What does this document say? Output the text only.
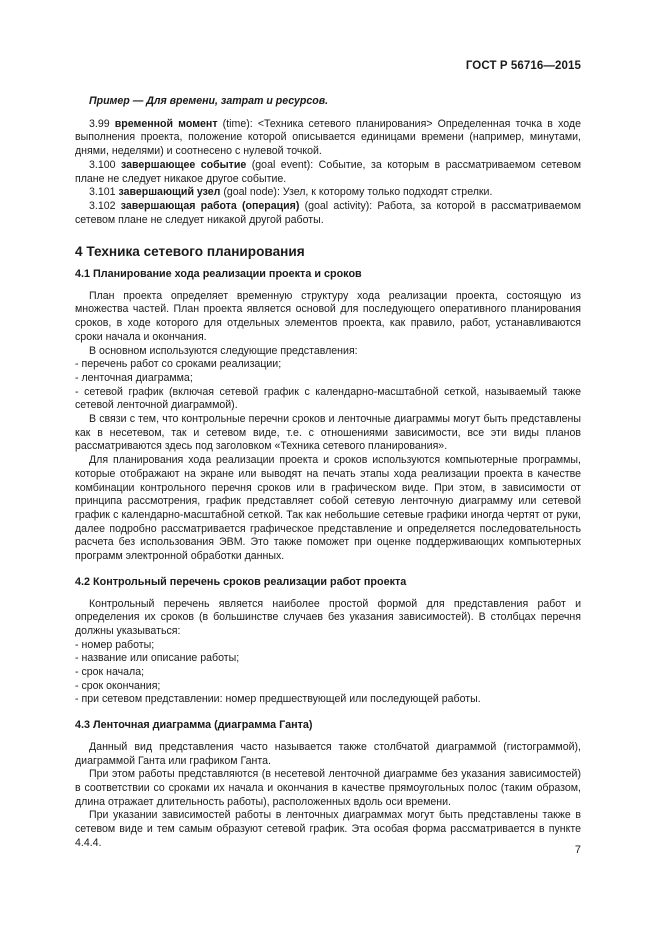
ГОСТ Р 56716—2015

Пример — Для времени, затрат и ресурсов.

3.99 временной момент (time): <Техника сетевого планирования> Определенная точка в ходе выполнения проекта, положение которой описывается единицами времени (например, минутами, днями, неделями) и соотнесено с нулевой точкой.

3.100 завершающее событие (goal event): Событие, за которым в рассматриваемом сетевом плане не следует никакое другое событие.

3.101 завершающий узел (goal node): Узел, к которому только подходят стрелки.

3.102 завершающая работа (операция) (goal activity): Работа, за которой в рассматриваемом сетевом плане не следует никакой другой работы.

4 Техника сетевого планирования
4.1 Планирование хода реализации проекта и сроков

План проекта определяет временную структуру хода реализации проекта, состоящую из множества частей. План проекта является основой для последующего оперативного планирования сроков, в ходе которого для отдельных элементов проекта, как правило, работ, устанавливаются сроки начала и окончания.

В основном используются следующие представления:

- перечень работ со сроками реализации;

- ленточная диаграмма;

- сетевой график (включая сетевой график с календарно-масштабной сеткой, называемый также сетевой ленточной диаграммой).

В связи с тем, что контрольные перечни сроков и ленточные диаграммы могут быть представлены как в несетевом, так и сетевом виде, т.е. с отношениями зависимости, все эти виды планов рассматриваются здесь под заголовком «Техника сетевого планирования».

Для планирования хода реализации проекта и сроков используются компьютерные программы, которые отображают на экране или выводят на печать этапы хода реализации проекта в качестве комбинации контрольного перечня сроков или в графическом виде. При этом, в зависимости от принципа рассмотрения, график представляет собой сетевую ленточную диаграмму или сетевой график с календарно-масштабной сеткой. Так как небольшие сетевые графики иногда чертят от руки, далее подробно рассматривается графическое представление и определяется последовательность расчета без использования ЭВМ. Это также поможет при оценке поддерживающих компьютерных программ электронной обработки данных.

4.2 Контрольный перечень сроков реализации работ проекта

Контрольный перечень является наиболее простой формой для представления работ и определения их сроков (в большинстве случаев без указания зависимостей). В столбцах перечня должны указываться:

- номер работы;

- название или описание работы;

- срок начала;

- срок окончания;

- при сетевом представлении: номер предшествующей или последующей работы.

4.3 Ленточная диаграмма (диаграмма Ганта)

Данный вид представления часто называется также столбчатой диаграммой (гистограммой), диаграммой Ганта или графиком Ганта.

При этом работы представляются (в несетевой ленточной диаграмме без указания зависимостей) в соответствии со сроками их начала и окончания в качестве прямоугольных полос (таким образом, длина отражает длительность работы), расположенных вдоль оси времени.

При указании зависимостей работы в ленточных диаграммах могут быть представлены также в сетевом виде и тем самым образуют сетевой график. Эта особая форма рассматривается в пункте 4.4.4.

7
